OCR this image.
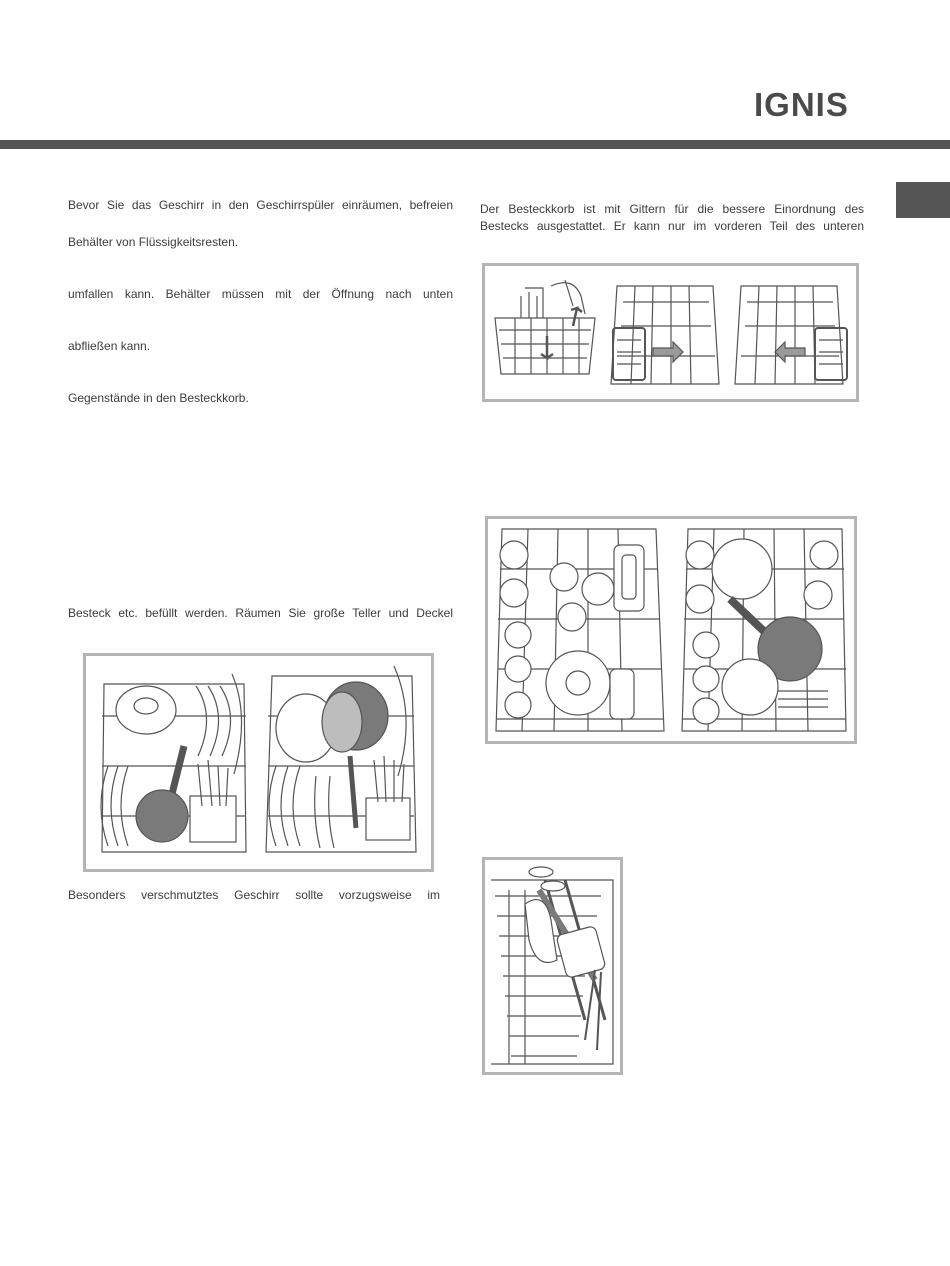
IGNIS
Bevor Sie das Geschirr in den Geschirrspüler einräumen, befreien
Behälter von Flüssigkeitsresten.
umfallen kann. Behälter müssen mit der Öffnung nach unten
abfließen kann.
Gegenstände in den Besteckkorb.
Besteck etc. befüllt werden. Räumen Sie große Teller und Deckel
Besonders verschmutztes Geschirr sollte vorzugsweise im
Der Besteckkorb ist mit Gittern für die bessere Einordnung des
Bestecks ausgestattet. Er kann nur im vorderen Teil des unteren
